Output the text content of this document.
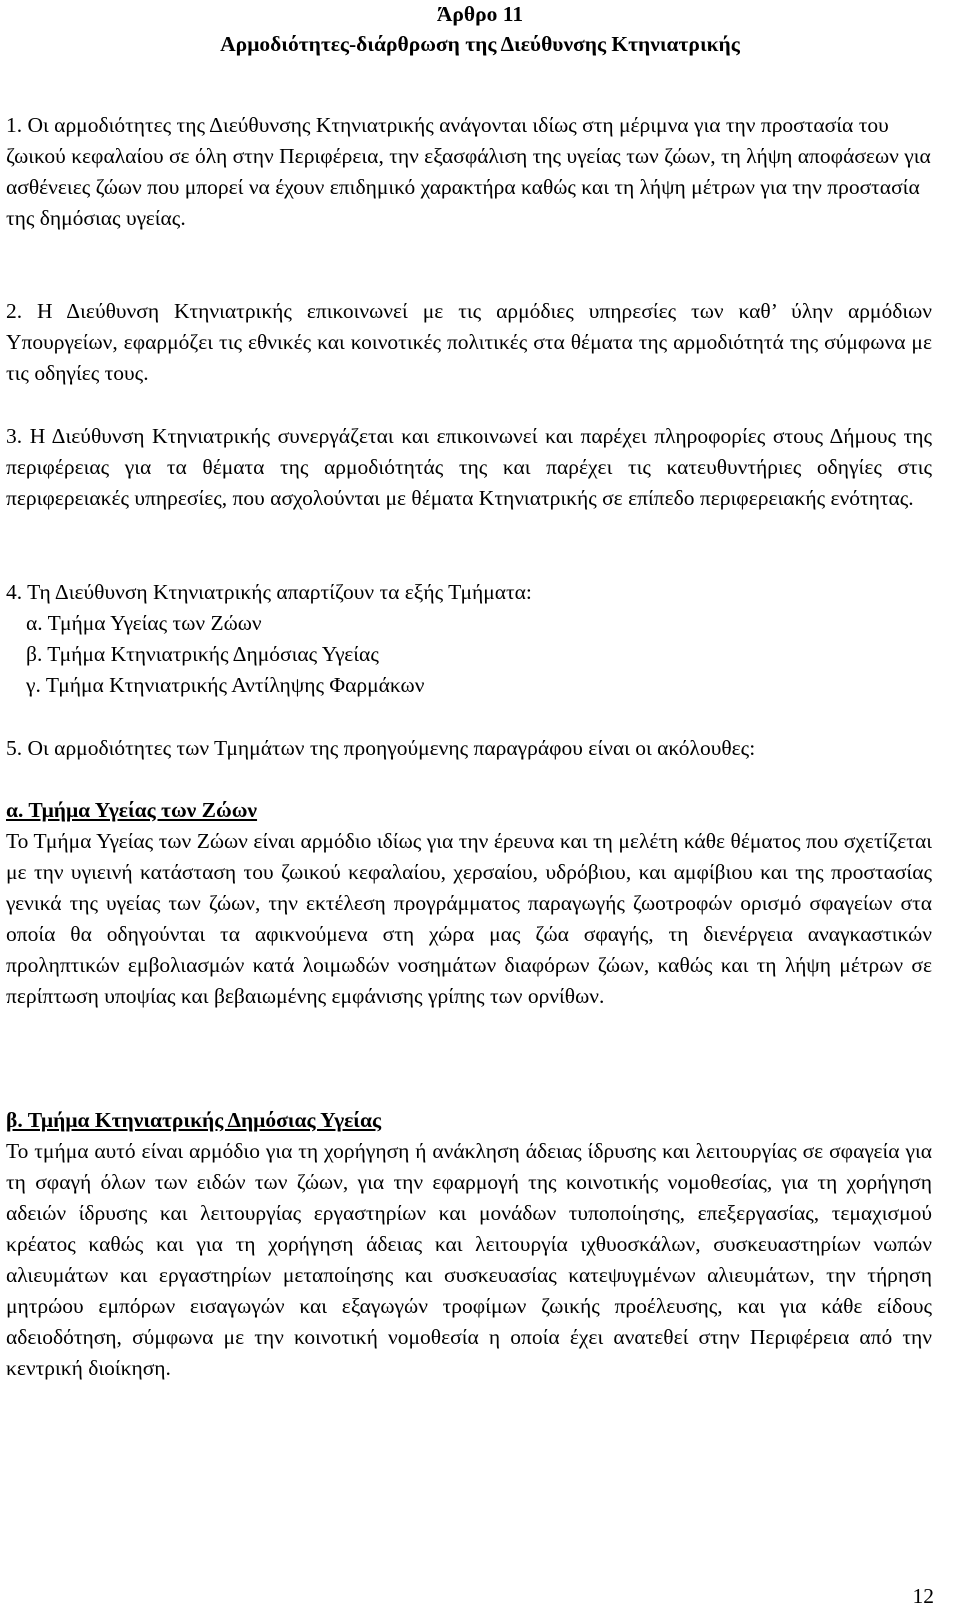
Άρθρο 11

Αρμοδιότητες-διάρθρωση της Διεύθυνσης Κτηνιατρικής

1. Οι αρμοδιότητες της Διεύθυνσης Κτηνιατρικής ανάγονται ιδίως στη μέριμνα για την προστασία του ζωικού κεφαλαίου σε όλη στην Περιφέρεια, την εξασφάλιση της υγείας των ζώων, τη λήψη αποφάσεων για ασθένειες ζώων που μπορεί να έχουν επιδημικό χαρακτήρα καθώς και τη λήψη μέτρων για την προστασία της δημόσιας υγείας.

2. Η Διεύθυνση Κτηνιατρικής επικοινωνεί με τις αρμόδιες υπηρεσίες των καθ’ ύλην αρμόδιων Υπουργείων, εφαρμόζει τις εθνικές και κοινοτικές πολιτικές στα θέματα της αρμοδιότητά της σύμφωνα με τις οδηγίες τους.

3. Η Διεύθυνση Κτηνιατρικής συνεργάζεται και επικοινωνεί και παρέχει πληροφορίες στους Δήμους της περιφέρειας για τα θέματα της αρμοδιότητάς της και παρέχει τις κατευθυντήριες οδηγίες στις περιφερειακές υπηρεσίες, που ασχολούνται με θέματα Κτηνιατρικής σε επίπεδο περιφερειακής ενότητας.

4. Τη Διεύθυνση Κτηνιατρικής απαρτίζουν τα εξής Τμήματα:

α. Τμήμα Υγείας των Ζώων

β. Τμήμα Κτηνιατρικής Δημόσιας Υγείας

γ. Τμήμα Κτηνιατρικής Αντίληψης Φαρμάκων

5. Οι αρμοδιότητες των Τμημάτων της προηγούμενης παραγράφου είναι οι ακόλουθες:

α. Τμήμα Υγείας των Ζώων

Το Τμήμα Υγείας των Ζώων είναι αρμόδιο ιδίως για την έρευνα και τη μελέτη κάθε θέματος που σχετίζεται με την υγιεινή κατάσταση του ζωικού κεφαλαίου, χερσαίου, υδρόβιου, και αμφίβιου και της προστασίας γενικά της υγείας των ζώων, την εκτέλεση προγράμματος παραγωγής ζωοτροφών ορισμό σφαγείων στα οποία θα οδηγούνται τα αφικνούμενα στη χώρα μας ζώα σφαγής, τη διενέργεια αναγκαστικών προληπτικών εμβολιασμών κατά λοιμωδών νοσημάτων διαφόρων ζώων, καθώς και τη λήψη μέτρων σε περίπτωση υποψίας και βεβαιωμένης εμφάνισης γρίπης των ορνίθων.

β. Τμήμα Κτηνιατρικής Δημόσιας Υγείας

Το τμήμα αυτό είναι αρμόδιο για τη χορήγηση ή ανάκληση άδειας ίδρυσης και λειτουργίας σε σφαγεία για τη σφαγή όλων των ειδών των ζώων, για την εφαρμογή της κοινοτικής νομοθεσίας, για τη χορήγηση αδειών ίδρυσης και λειτουργίας εργαστηρίων και μονάδων τυποποίησης, επεξεργασίας, τεμαχισμού κρέατος καθώς και για τη χορήγηση άδειας και λειτουργία ιχθυοσκάλων, συσκευαστηρίων νωπών αλιευμάτων και εργαστηρίων μεταποίησης και συσκευασίας κατεψυγμένων αλιευμάτων, την τήρηση μητρώου εμπόρων εισαγωγών και εξαγωγών τροφίμων ζωικής προέλευσης, και για κάθε είδους αδειοδότηση, σύμφωνα με την κοινοτική νομοθεσία η οποία έχει ανατεθεί στην Περιφέρεια από την κεντρική διοίκηση.

12
